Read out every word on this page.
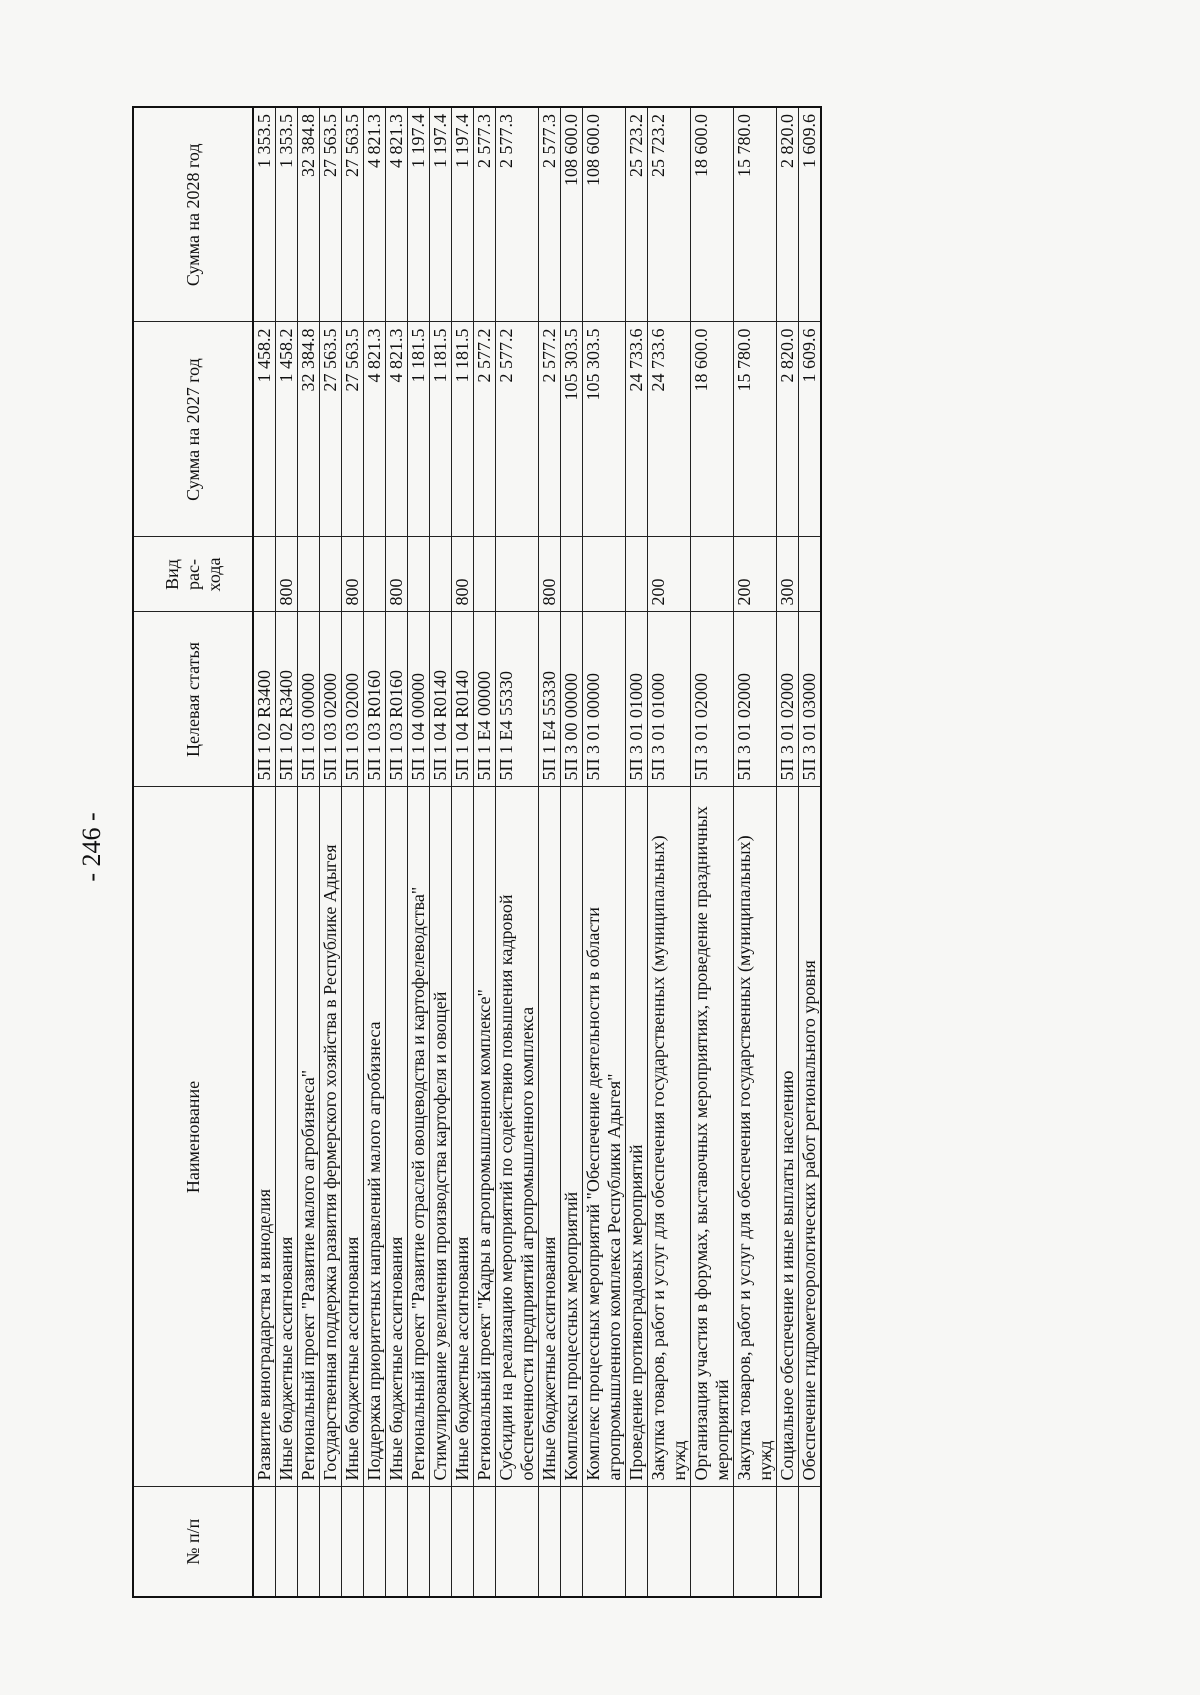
- 246 -
№ п/п	Наименование	Целевая статья	Вид рас- хода	Сумма на 2027 год	Сумма на 2028 год
	Развитие виноградарства и виноделия	5П 1 02 R3400		1 458.2	1 353.5
	Иные бюджетные ассигнования	5П 1 02 R3400	800	1 458.2	1 353.5
	Региональный проект "Развитие малого агробизнеса"	5П 1 03 00000		32 384.8	32 384.8
	Государственная поддержка развития фермерского хозяйства в Республике Адыгея	5П 1 03 02000		27 563.5	27 563.5
	Иные бюджетные ассигнования	5П 1 03 02000	800	27 563.5	27 563.5
	Поддержка приоритетных направлений малого агробизнеса	5П 1 03 R0160		4 821.3	4 821.3
	Иные бюджетные ассигнования	5П 1 03 R0160	800	4 821.3	4 821.3
	Региональный проект "Развитие отраслей овощеводства и картофелеводства"	5П 1 04 00000		1 181.5	1 197.4
	Стимулирование увеличения производства картофеля и овощей	5П 1 04 R0140		1 181.5	1 197.4
	Иные бюджетные ассигнования	5П 1 04 R0140	800	1 181.5	1 197.4
	Региональный проект "Кадры в агропромышленном комплексе"	5П 1 E4 00000		2 577.2	2 577.3
	Субсидии на реализацию мероприятий по содействию повышения кадровой обеспеченности предприятий агропромышленного комплекса	5П 1 E4 55330		2 577.2	2 577.3
	Иные бюджетные ассигнования	5П 1 E4 55330	800	2 577.2	2 577.3
	Комплексы процессных мероприятий	5П 3 00 00000		105 303.5	108 600.0
	Комплекс процессных мероприятий "Обеспечение деятельности в области агропромышленного комплекса Республики Адыгея"	5П 3 01 00000		105 303.5	108 600.0
	Проведение противоградовых мероприятий	5П 3 01 01000		24 733.6	25 723.2
	Закупка товаров, работ и услуг для обеспечения государственных (муниципальных) нужд	5П 3 01 01000	200	24 733.6	25 723.2
	Организация участия в форумах, выставочных мероприятиях, проведение праздничных мероприятий	5П 3 01 02000		18 600.0	18 600.0
	Закупка товаров, работ и услуг для обеспечения государственных (муниципальных) нужд	5П 3 01 02000	200	15 780.0	15 780.0
	Социальное обеспечение и иные выплаты населению	5П 3 01 02000	300	2 820.0	2 820.0
	Обеспечение гидрометеорологических работ регионального уровня	5П 3 01 03000		1 609.6	1 609.6
